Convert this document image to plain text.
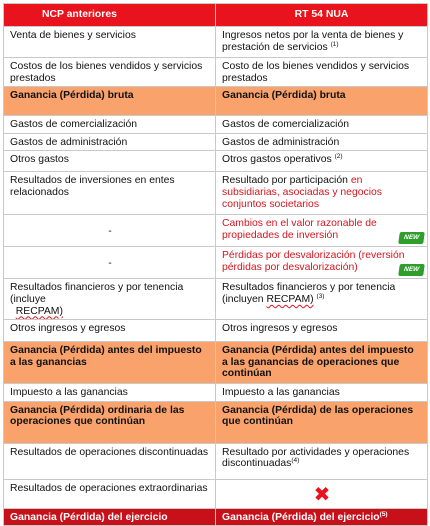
NCP anteriores	RT 54 NUA
Venta de bienes y servicios	Ingresos netos por la venta de bienes y prestación de servicios $^{(1)}$
Costos de los bienes vendidos y servicios prestados	Costo de los bienes vendidos y servicios prestados
Ganancia (Pérdida) bruta	Ganancia (Pérdida) bruta
Gastos de comercialización	Gastos de comercialización
Gastos de administración	Gastos de administración
Otros gastos	Otros gastos operativos $^{(2)}$
Resultados de inversiones en entes relacionados	Resultado por participación en subsidiarias, asociadas y negocios conjuntos societarios
-	Cambios en el valor razonable de propiedades de inversión NEW

-	Pérdidas por desvalorización (reversión pérdidas por desvalorización) NEW

Resultados financieros y por tenencia (incluye
RECPAM)	Resultados financieros y por tenencia (incluyen RECPAM) $^{(3)}$
Otros ingresos y egresos	Otros ingresos y egresos
Ganancia (Pérdida) antes del impuesto a las ganancias	Ganancia (Pérdida) antes del impuesto a las ganancias de operaciones que continúan
Impuesto a las ganancias	Impuesto a las ganancias
Ganancia (Pérdida) ordinaria de las operaciones que continúan	Ganancia (Pérdida) de las operaciones que continúan
Resultados de operaciones discontinuadas	Resultado por actividades y operaciones discontinuadas$^{(4)}$
Resultados de operaciones extraordinarias	✖

Ganancia (Pérdida) del ejercicio	Ganancia (Pérdida) del ejercicio$^{(5)}$
